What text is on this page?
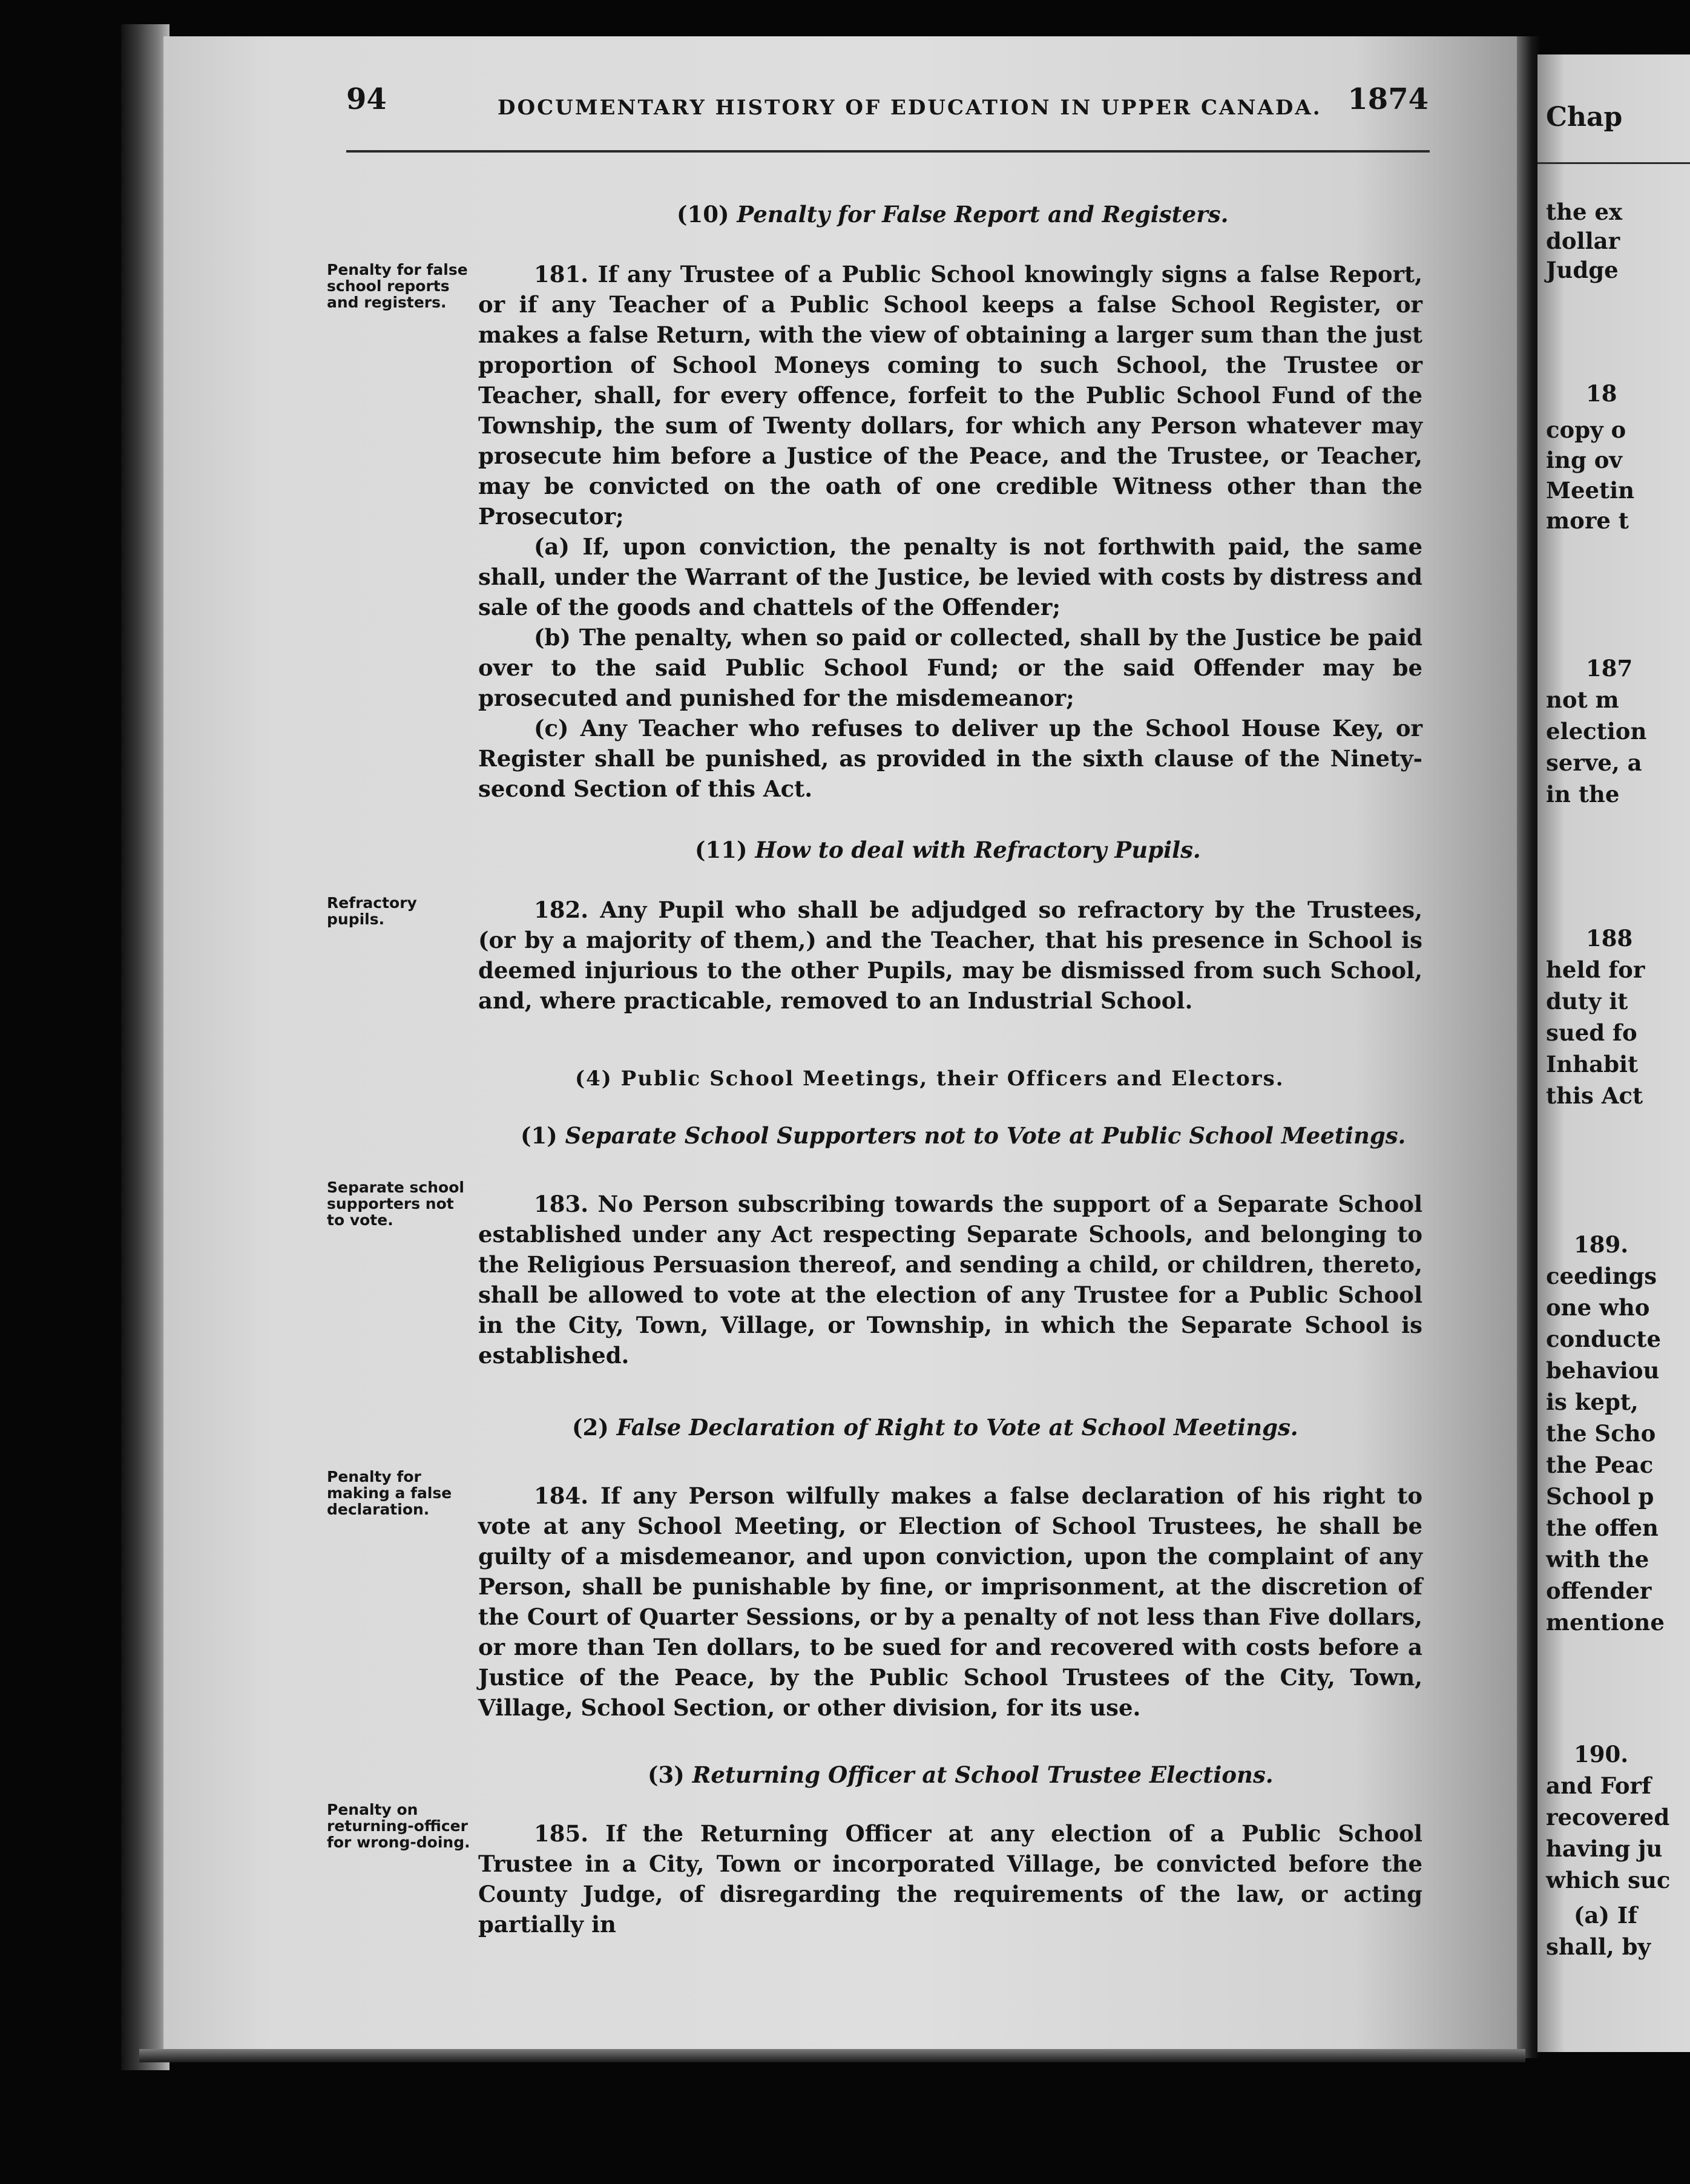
Chap
the ex
dollar
Judge
18
copy o
ing ov
Meetin
more t
187
not m
election
serve, a
in the
188
held for
duty it
sued fo
Inhabit
this Act
189.
ceedings
one who
conducte
behaviou
is kept,
the Scho
the Peac
School p
the offen
with the
offender
mentione
190.
and Forf
recovered
having ju
which suc
(a) If
shall, by
94	DOCUMENTARY HISTORY OF EDUCATION IN UPPER CANADA. 1874
(10) Penalty for False Report and Registers.
Penalty for false school reports and registers.

181. If any Trustee of a Public School knowingly signs a false Report, or if any Teacher of a Public School keeps a false School Register, or makes a false Return, with the view of obtaining a larger sum than the just proportion of School Moneys coming to such School, the Trustee or Teacher, shall, for every offence, forfeit to the Public School Fund of the Township, the sum of Twenty dollars, for which any Person whatever may prosecute him before a Justice of the Peace, and the Trustee, or Teacher, may be convicted on the oath of one credible Witness other than the Prosecutor;

(a) If, upon conviction, the penalty is not forthwith paid, the same shall, under the Warrant of the Justice, be levied with costs by distress and sale of the goods and chattels of the Offender;

(b) The penalty, when so paid or collected, shall by the Justice be paid over to the said Public School Fund; or the said Offender may be prosecuted and punished for the misdemeanor;

(c) Any Teacher who refuses to deliver up the School House Key, or Register shall be punished, as provided in the sixth clause of the Ninety-second Section of this Act.

(11) How to deal with Refractory Pupils.
Refractory pupils.	182. Any Pupil who shall be adjudged so refractory by the Trustees, (or by a majority of them,) and the Teacher, that his presence in School is deemed injurious to the other Pupils, may be dismissed from such School, and, where practicable, removed to an Industrial School.

(4) Public School Meetings, their Officers and Electors.
(1) Separate School Supporters not to Vote at Public School Meetings.
Separate school supporters not to vote.

183. No Person subscribing towards the support of a Separate School established under any Act respecting Separate Schools, and belonging to the Religious Persuasion thereof, and sending a child, or children, thereto, shall be allowed to vote at the election of any Trustee for a Public School in the City, Town, Village, or Township, in which the Separate School is established.

(2) False Declaration of Right to Vote at School Meetings.
Penalty for making a false declaration.

184. If any Person wilfully makes a false declaration of his right to vote at any School Meeting, or Election of School Trustees, he shall be guilty of a misdemeanor, and upon conviction, upon the complaint of any Person, shall be punishable by fine, or imprisonment, at the discretion of the Court of Quarter Sessions, or by a penalty of not less than Five dollars, or more than Ten dollars, to be sued for and recovered with costs before a Justice of the Peace, by the Public School Trustees of the City, Town, Village, School Section, or other division, for its use.

(3) Returning Officer at School Trustee Elections.
Penalty on returning-officer for wrong-doing.	185. If the Returning Officer at any election of a Public School Trustee in a City, Town or incorporated Village, be convicted before the County Judge, of disregarding the requirements of the law, or acting partially in
